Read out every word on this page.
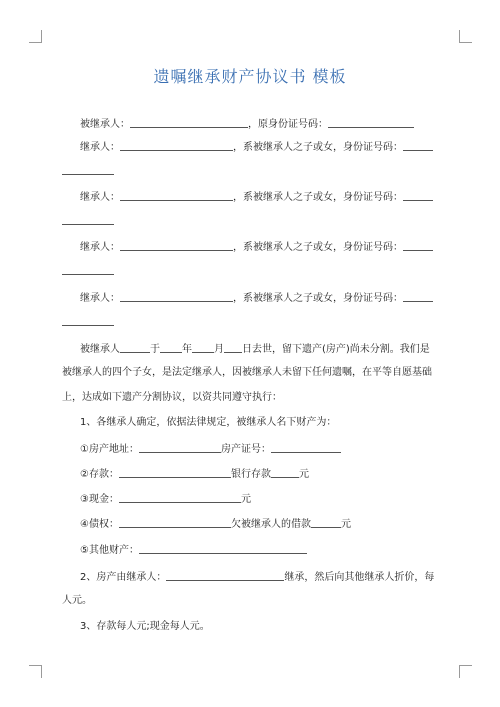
遗嘱继承财产协议书 模板
被继承人：	，原身份证号码：
继承人：	，系被继承人之子或女，身份证号码：
继承人：	，系被继承人之子或女，身份证号码：
继承人：	，系被继承人之子或女，身份证号码：
继承人：	，系被继承人之子或女，身份证号码：
被继承人	于 年 月 日去世，留下遗产(房产)尚未分割。我们是
被继承人的四个子女，是法定继承人，因被继承人未留下任何遗嘱，在平等自愿基础
上，达成如下遗产分割协议，以资共同遵守执行：
1、各继承人确定，依据法律规定，被继承人名下财产为：
①房产地址：	房产证号：
②存款：	银行存款	元
③现金：	元
④债权：	欠被继承人的借款	元
⑤其他财产：
2、房产由继承人：	继承，然后向其他继承人折价，每
人元。
3、存款每人元;现金每人元。
